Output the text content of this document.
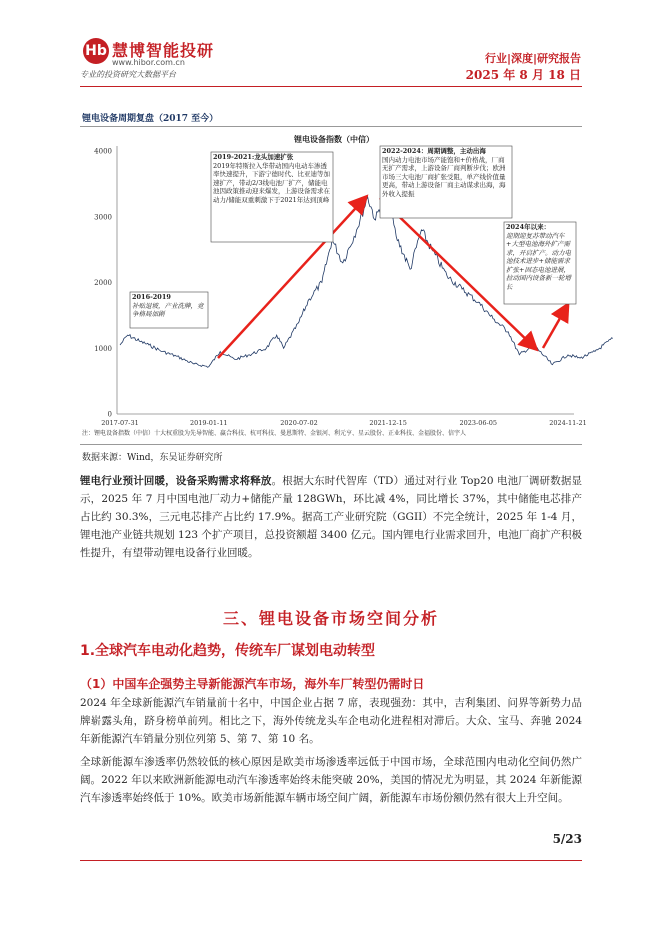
Hb 慧博智能投研
www.hibor.com.cn
专业的投资研究大数据平台
行业|深度|研究报告
2025 年 8 月 18 日
锂电设备周期复盘（2017 至今）
锂电设备指数（中信）
0
1000
2000
3000
4000
2017-07-31	2019-01-11	2020-07-02	2021-12-15	2023-06-05	2024-11-21
2016-2019
补贴退坡，产业洗牌，竞争格局加剧
2019-2021:龙头加速扩张
2019年特斯拉入华带动国内电动车渗透率快速提升，下游宁德时代、比亚迪等加速扩产，带动2/3线电池厂扩产，储能电池因政策推动迎来爆发，上游设备需求在动力/储能双重刺激下于2021年达到顶峰
2022-2024：周期调整，主动出海
国内动力电池市场产能饱和+价格战，厂商无扩产需求，上游设备厂商判断步伐；欧洲市场三大电池厂商扩张受阻，单产线价值量更高，带动上游设备厂商主动谋求出海，海外收入提振
2024年以来：
迎期迎复苏带动汽车+大型电池海外扩产需求，开启扩产。动力电池技术进步+储能需求扩张+固态电池进展，拉动国内设备新一轮增长
注：锂电设备指数（中信）十大权重股为先导智能、赢合科技、杭可科技、曼恩斯特、金银河、利元亨、星云股份、正业科技、金福股份、信宇人
数据来源：Wind，东吴证券研究所
锂电行业预计回暖，设备采购需求将释放。根据大东时代智库（TD）通过对行业 Top20 电池厂调研数据显示，2025 年 7 月中国电池厂动力+储能产量 128GWh，环比减 4%，同比增长 37%，其中储能电芯排产占比约 30.3%，三元电芯排产占比约 17.9%。据高工产业研究院（GGII）不完全统计，2025 年 1-4 月，锂电池产业链共规划 123 个扩产项目，总投资额超 3400 亿元。国内锂电行业需求回升，电池厂商扩产积极性提升，有望带动锂电设备行业回暖。
三、锂电设备市场空间分析
1.全球汽车电动化趋势，传统车厂谋划电动转型
（1）中国车企强势主导新能源汽车市场，海外车厂转型仍需时日
2024 年全球新能源汽车销量前十名中，中国企业占据 7 席，表现强劲：其中，吉利集团、问界等新势力品牌崭露头角，跻身榜单前列。相比之下，海外传统龙头车企电动化进程相对滞后。大众、宝马、奔驰 2024 年新能源汽车销量分别位列第 5、第 7、第 10 名。
全球新能源车渗透率仍然较低的核心原因是欧美市场渗透率远低于中国市场，全球范围内电动化空间仍然广阔。2022 年以来欧洲新能源电动汽车渗透率始终未能突破 20%，美国的情况尤为明显，其 2024 年新能源汽车渗透率始终低于 10%。欧美市场新能源车辆市场空间广阔，新能源车市场份额仍然有很大上升空间。
5/23
